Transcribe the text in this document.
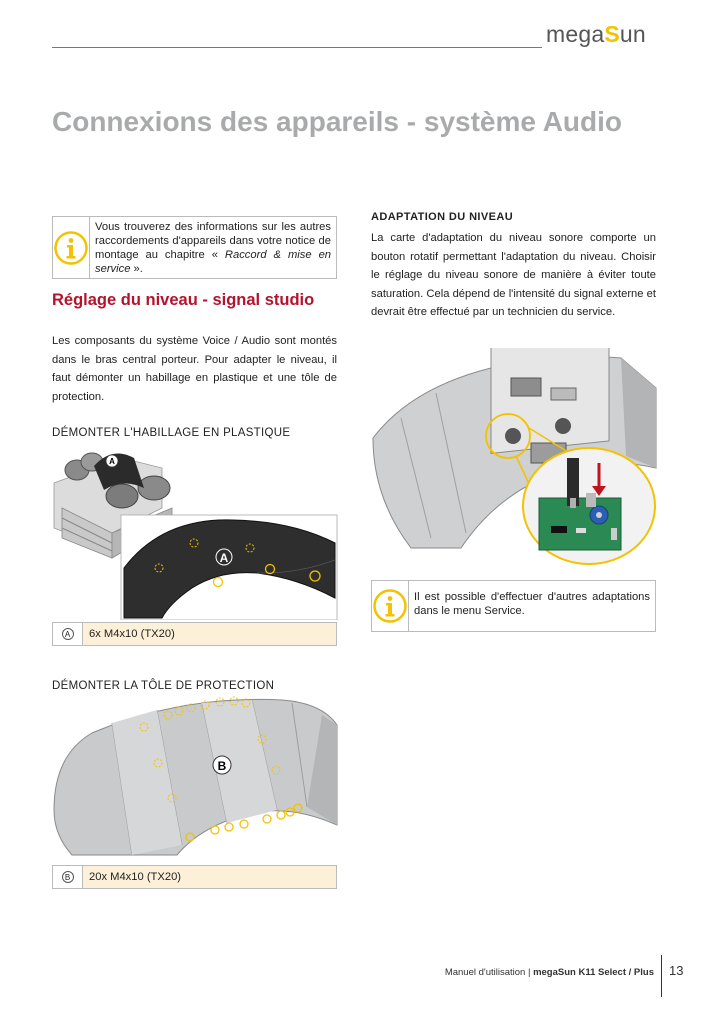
megaSun
Connexions des appareils - système Audio
Vous trouverez des informations sur les autres raccordements d'appareils dans votre notice de montage au chapitre « Raccord & mise en service ».
Réglage du niveau - signal studio
Les composants du système Voice / Audio sont montés dans le bras central porteur. Pour adapter le niveau, il faut démonter un habillage en plastique et une tôle de protection.
DÉMONTER L'HABILLAGE EN PLASTIQUE
A
A
A	6x M4x10 (TX20)
DÉMONTER LA TÔLE DE PROTECTION
B
B	20x M4x10 (TX20)
ADAPTATION DU NIVEAU
La carte d'adaptation du niveau sonore comporte un bouton rotatif permettant l'adaptation du niveau. Choisir le réglage du niveau sonore de manière à éviter toute saturation. Cela dépend de l'intensité du signal externe et devrait être effectué par un technicien du service.
Il est possible d'effectuer d'autres adaptations dans le menu Service.
Manuel d'utilisation | megaSun K11 Select / Plus 13
